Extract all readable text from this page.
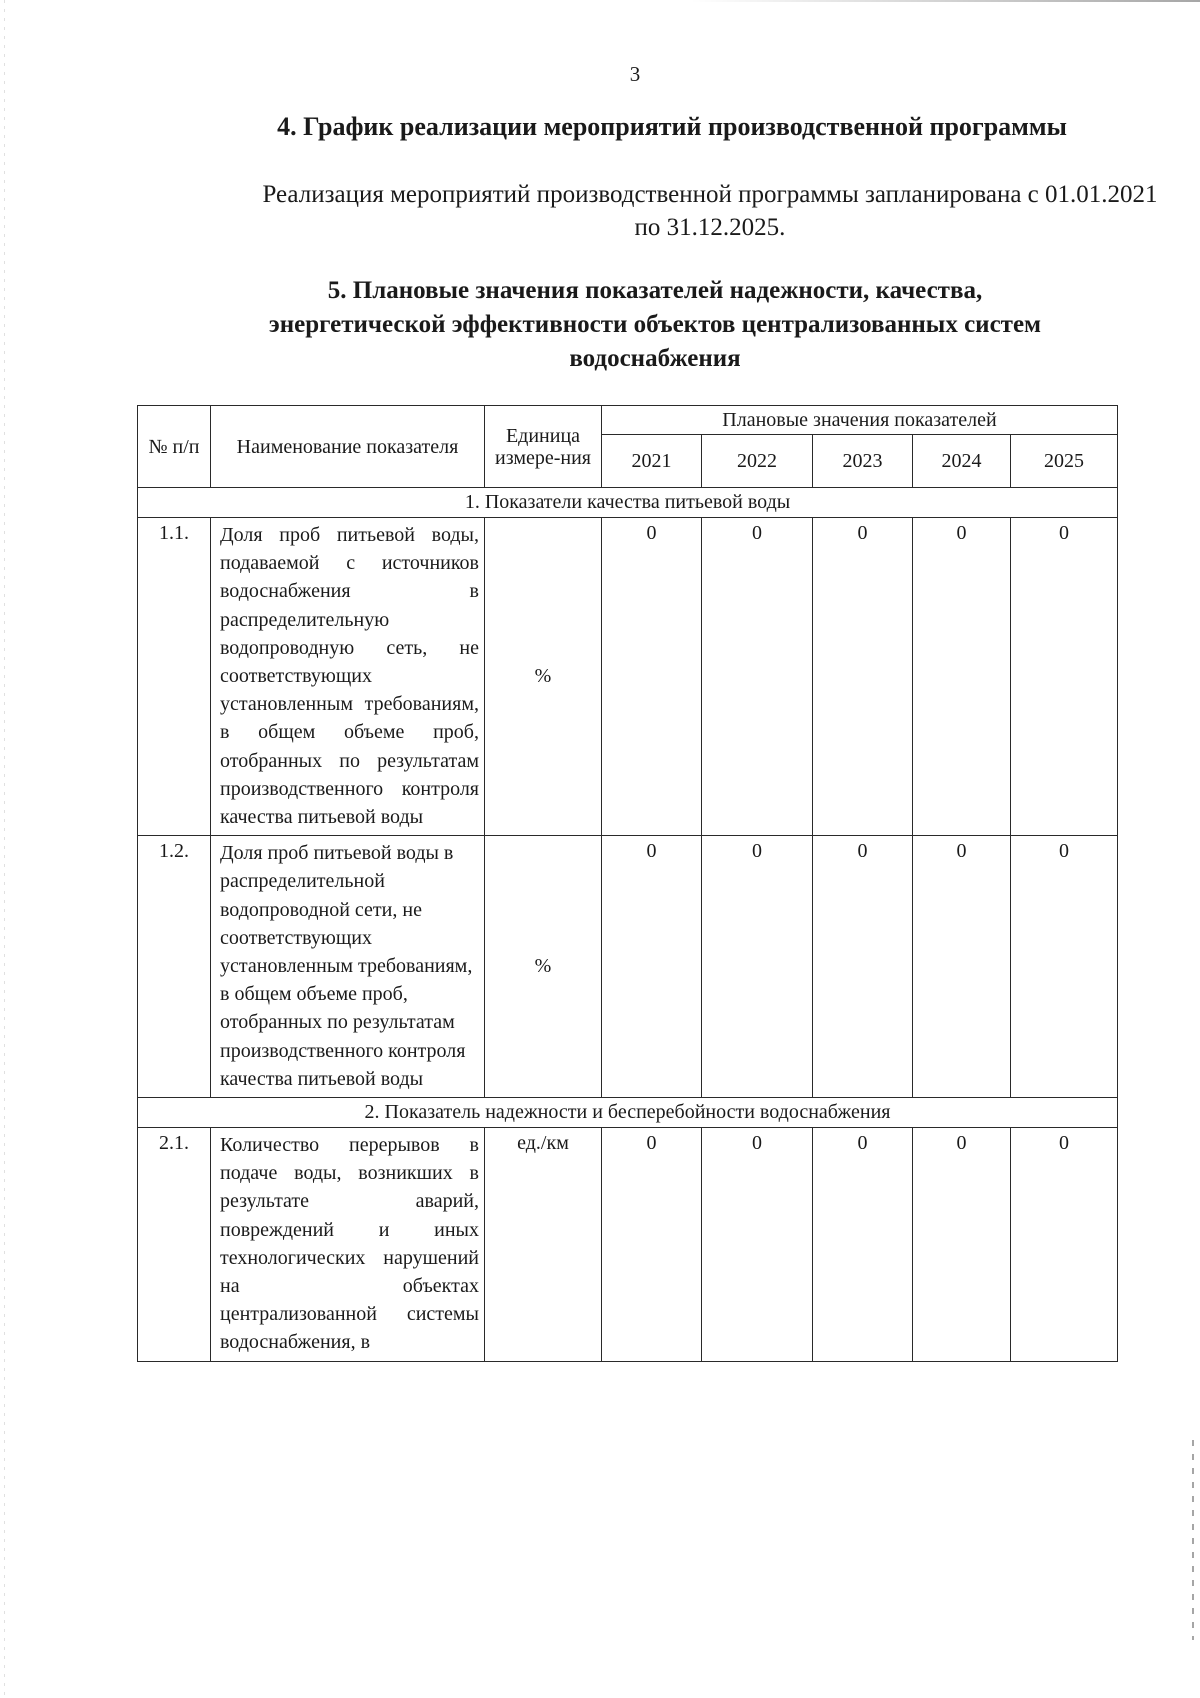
3
4. График реализации мероприятий производственной программы
Реализация мероприятий производственной программы запланирована с 01.01.2021 по 31.12.2025.
5. Плановые значения показателей надежности, качества, энергетической эффективности объектов централизованных систем водоснабжения
№ п/п	Наименование показателя	Единица измере-ния	Плановые значения показателей				
			2021	2022	2023	2024	2025
1. Показатели качества питьевой воды							
1.1.	Доля проб питьевой воды, подаваемой с источников водоснабжения в распределительную водопроводную сеть, не соответствующих установленным требованиям, в общем объеме проб, отобранных по результатам производственного контроля качества питьевой воды	%	0	0	0	0	0
1.2.	Доля проб питьевой воды в распределительной водопроводной сети, не соответствующих установленным требованиям, в общем объеме проб, отобранных по результатам производственного контроля качества питьевой воды	%	0	0	0	0	0
2. Показатель надежности и бесперебойности водоснабжения							
2.1.	Количество перерывов в подаче воды, возникших в результате аварий, повреждений и иных технологических нарушений на объектах централизованной системы водоснабжения, в	ед./км	0	0	0	0	0
